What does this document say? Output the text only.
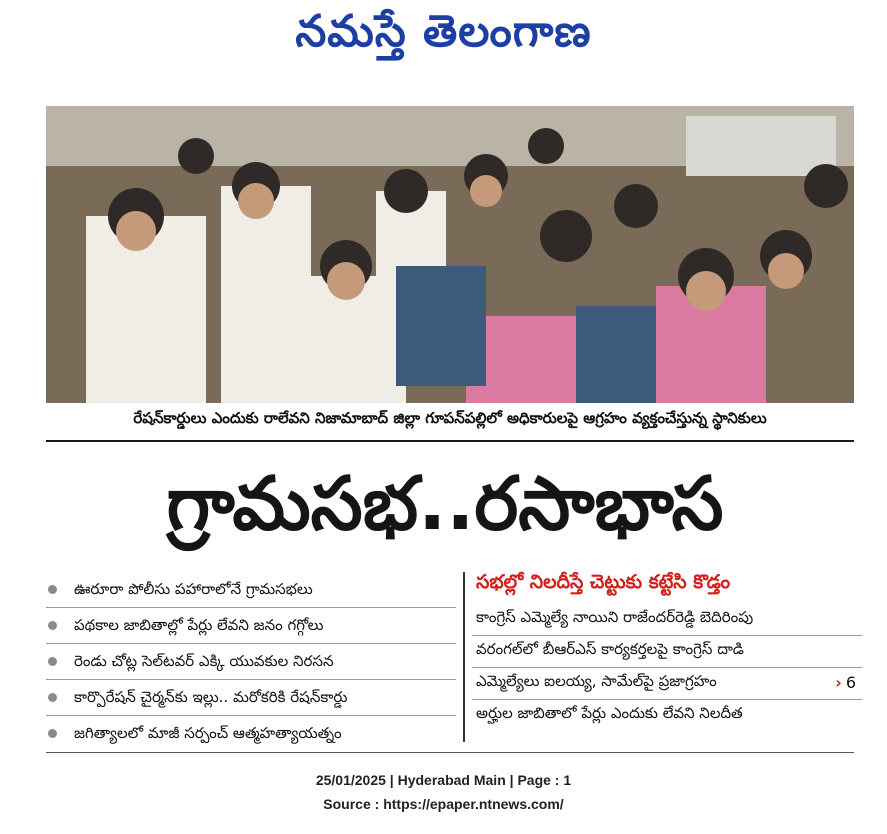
నమస్తే తెలంగాణ
రేషన్‌కార్డులు ఎందుకు రాలేవని నిజామాబాద్ జిల్లా గూపన్‌పల్లిలో అధికారులపై ఆగ్రహం వ్యక్తంచేస్తున్న స్థానికులు
గ్రామసభ..రసాభాస
ఊరూరా పోలీసు పహారాలోనే గ్రామసభలు
పథకాల జాబితాల్లో పేర్లు లేవని జనం గగ్గోలు
రెండు చోట్ల సెల్‌టవర్ ఎక్కి యువకుల నిరసన
కార్పొరేషన్ చైర్మన్‌కు ఇల్లు.. మరోకరికి రేషన్‌కార్డు
జగిత్యాలలో మాజీ సర్పంచ్ ఆత్మహత్యాయత్నం
సభల్లో నిలదీస్తే చెట్టుకు కట్టేసి కొడ్తం
కాంగ్రెస్ ఎమ్మెల్యే నాయిని రాజేందర్‌రెడ్డి బెదిరింపు
వరంగల్‌లో బీఆర్‌ఎస్ కార్యకర్తలపై కాంగ్రెస్ దాడి
ఎమ్మెల్యేలు ఐలయ్య, సామేల్‌పై ప్రజాగ్రహం	› 6
అర్హుల జాబితాలో పేర్లు ఎందుకు లేవని నిలదీత
25/01/2025 | Hyderabad Main | Page : 1
Source : https://epaper.ntnews.com/
